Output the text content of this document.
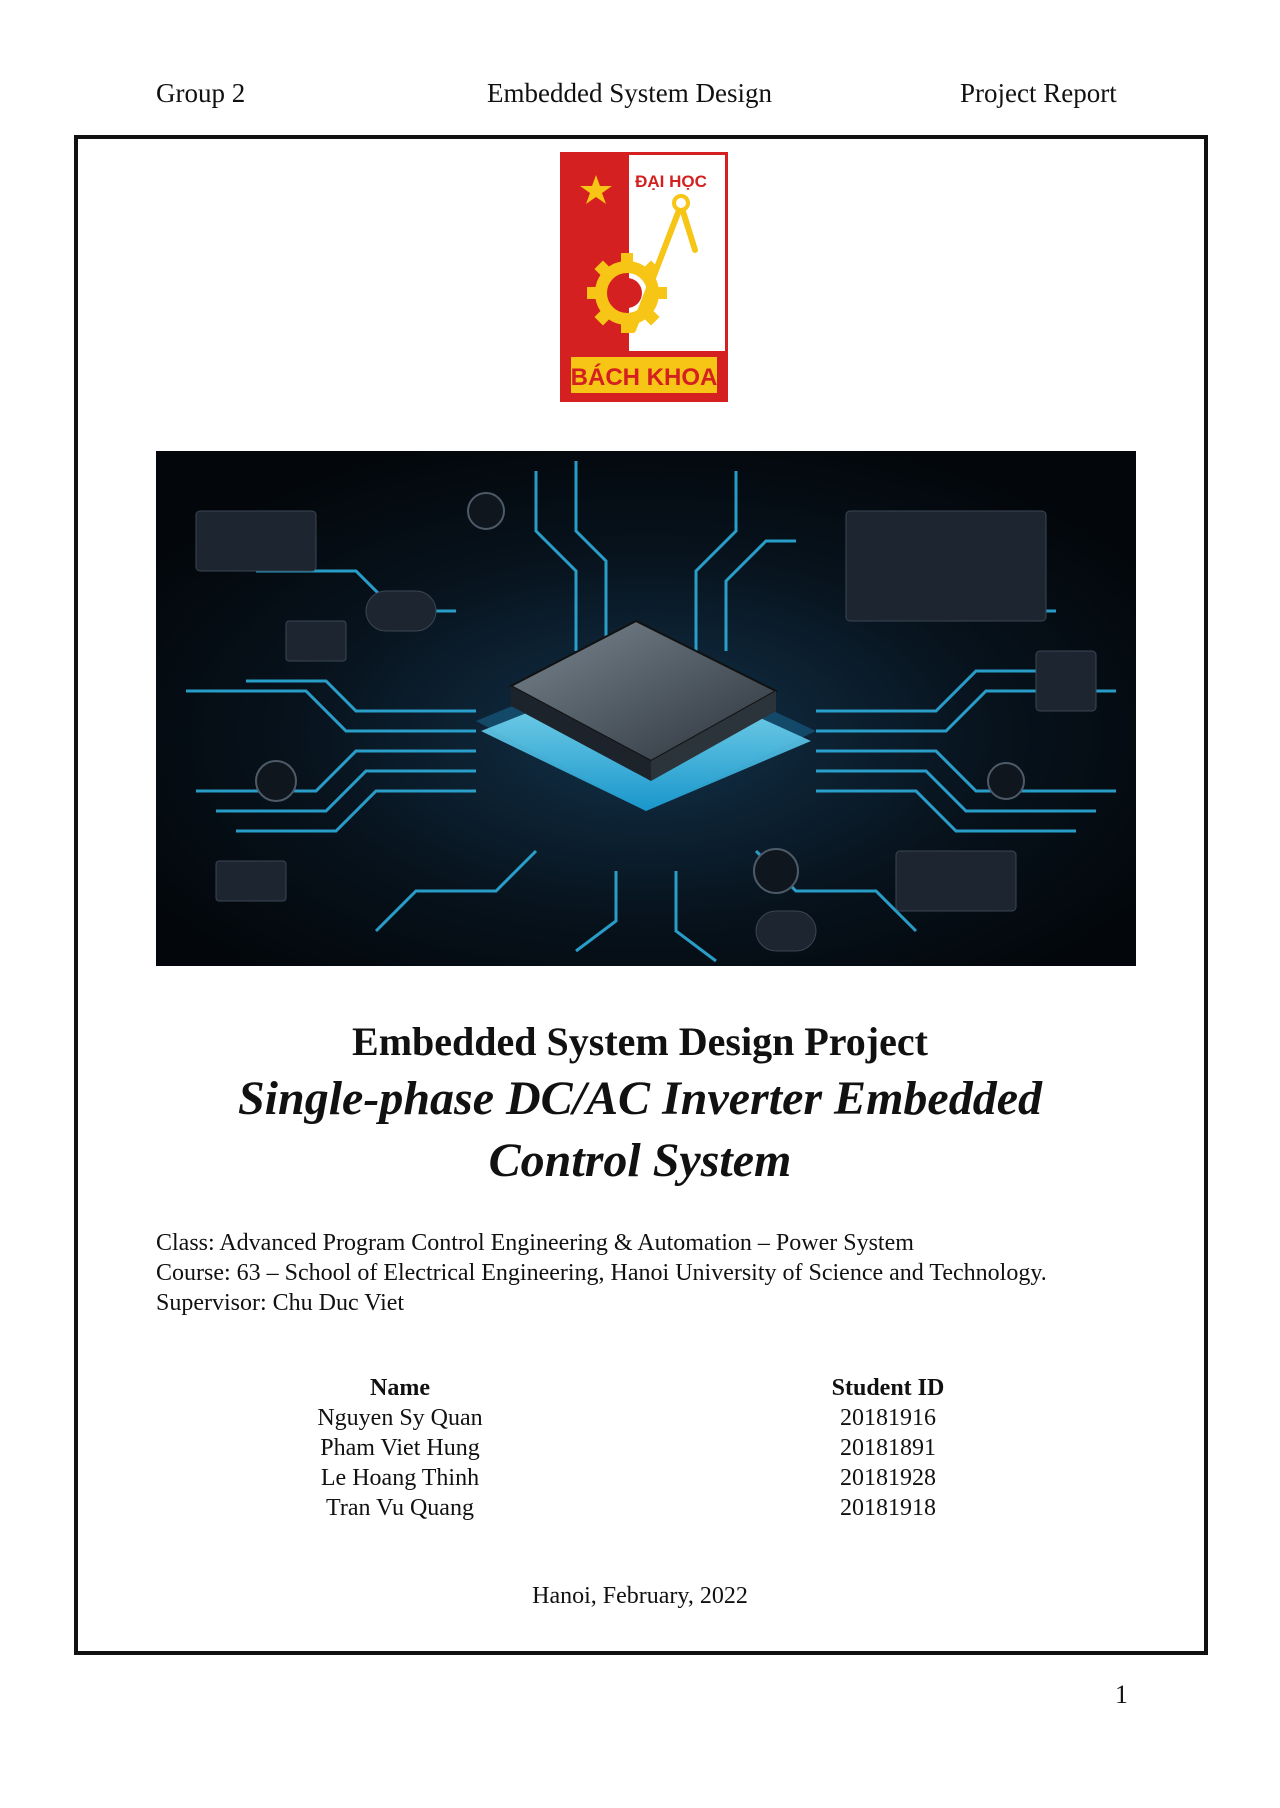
Group 2	Embedded System Design	Project Report
ĐẠI HỌC
BÁCH KHOA
Embedded System Design Project
Single-phase DC/AC Inverter Embedded
Control System
Class: Advanced Program Control Engineering & Automation – Power System
Course: 63 – School of Electrical Engineering, Hanoi University of Science and Technology.
Supervisor: Chu Duc Viet
Name
Nguyen Sy Quan
Pham Viet Hung
Le Hoang Thinh
Tran Vu Quang
Student ID
20181916
20181891
20181928
20181918
Hanoi, February, 2022
1
